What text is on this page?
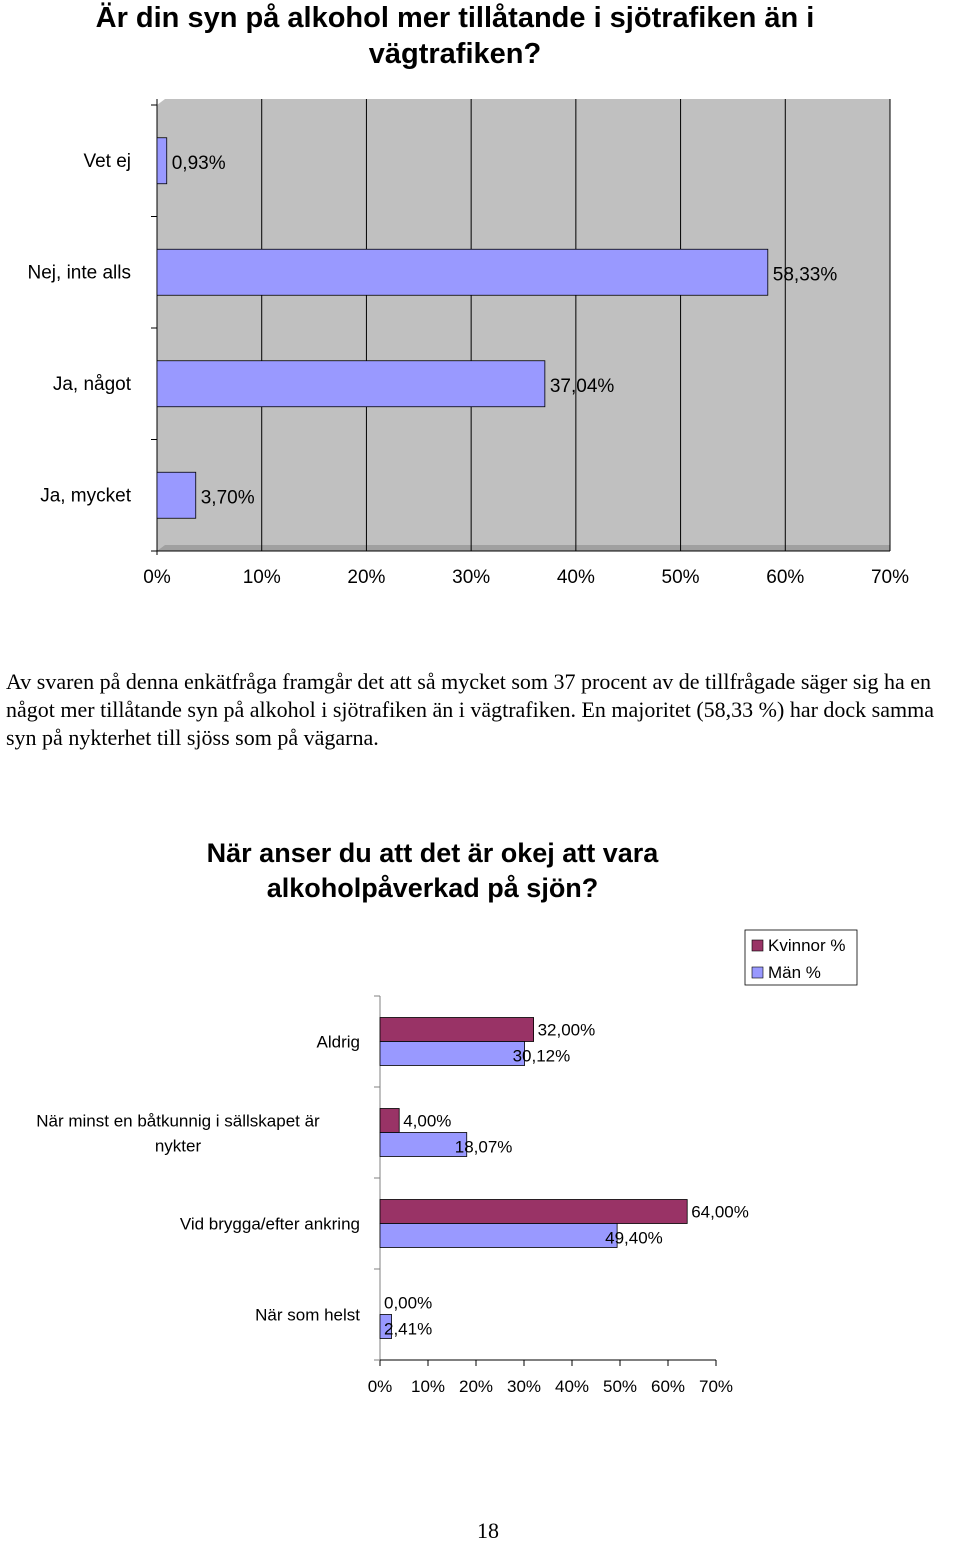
Är din syn på alkohol mer tillåtande i sjötrafiken än i vägtrafiken?
0%	10%	20%	30%	40%	50%	60%	70%
Vet ej 0,93%
Nej, inte alls	58,33%
Ja, något	37,04%
Ja, mycket	3,70%
Av svaren på denna enkätfråga framgår det att så mycket som 37 procent av de tillfrågade säger sig ha en något mer tillåtande syn på alkohol i sjötrafiken än i vägtrafiken. En majoritet (58,33 %) har dock samma syn på nykterhet till sjöss som på vägarna.
När anser du att det är okej att vara alkoholpåverkad på sjön?
0% 10% 20% 30% 40% 50% 60% 70%
32,00%
30,12%
Aldrig
4,00%
18,07%
När minst en båtkunnig i sällskapet är nykter
64,00%
49,40%
Vid brygga/efter ankring
0,00%
2,41%
När som helst
Kvinnor %
Män %
18
